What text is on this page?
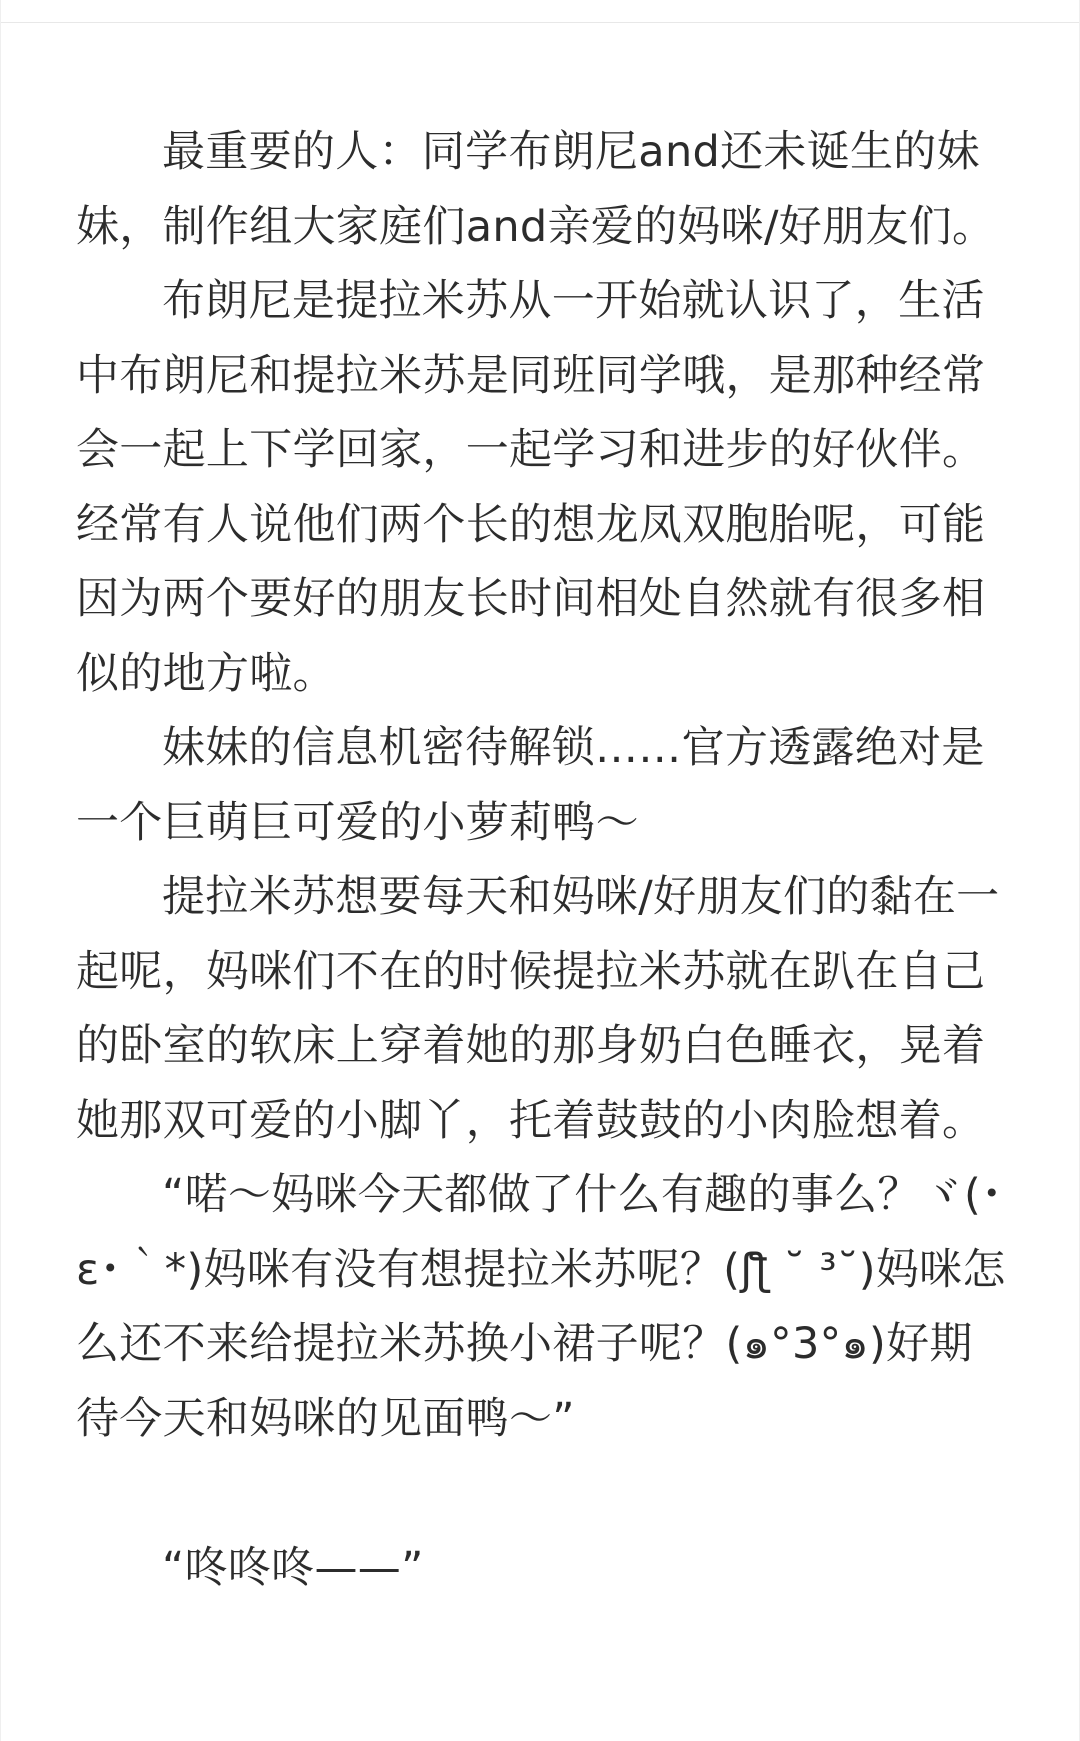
最重要的人：同学布朗尼and还未诞生的妹妹，制作组大家庭们and亲爱的妈咪/好朋友们。

布朗尼是提拉米苏从一开始就认识了，生活中布朗尼和提拉米苏是同班同学哦，是那种经常会一起上下学回家，一起学习和进步的好伙伴。经常有人说他们两个长的想龙凤双胞胎呢，可能因为两个要好的朋友长时间相处自然就有很多相似的地方啦。

妹妹的信息机密待解锁……官方透露绝对是一个巨萌巨可爱的小萝莉鸭～

提拉米苏想要每天和妈咪/好朋友们的黏在一起呢，妈咪们不在的时候提拉米苏就在趴在自己的卧室的软床上穿着她的那身奶白色睡衣，晃着她那双可爱的小脚丫，托着鼓鼓的小肉脸想着。

“喏～妈咪今天都做了什么有趣的事么？ヾ(･ε･｀*)妈咪有没有想提拉米苏呢？(ʃƪ ˘ ³˘)妈咪怎么还不来给提拉米苏换小裙子呢？(๑°3°๑)好期待今天和妈咪的见面鸭～”

“咚咚咚——”
